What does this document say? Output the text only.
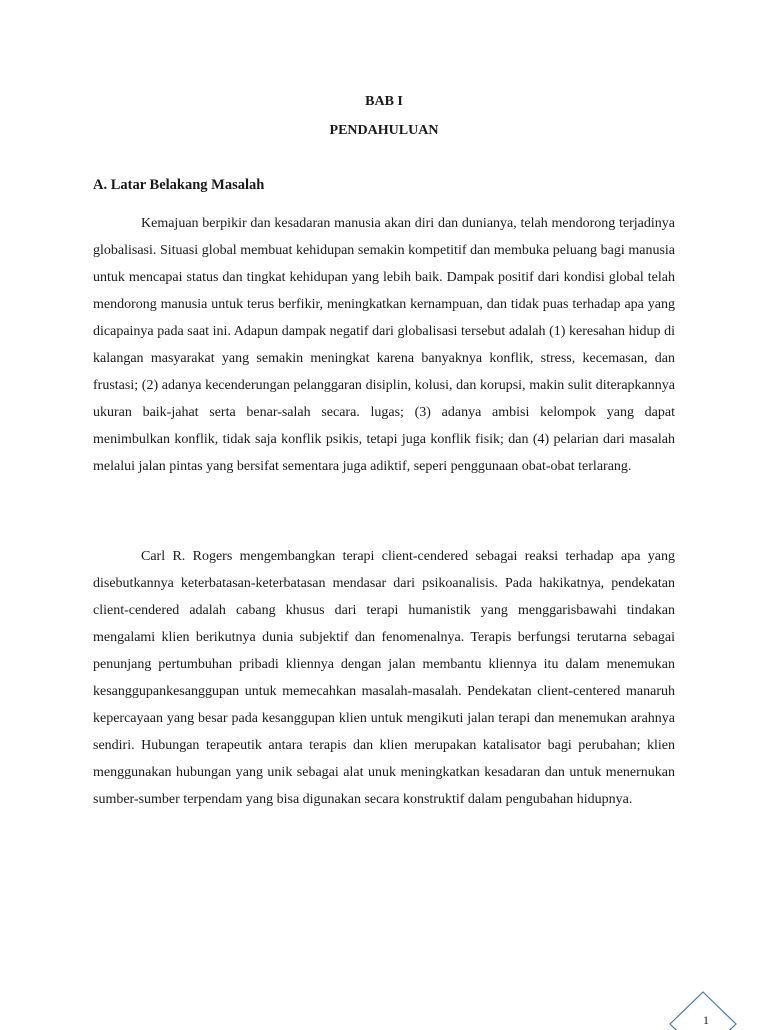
BAB I
PENDAHULUAN
A. Latar Belakang Masalah

Kemajuan berpikir dan kesadaran manusia akan diri dan dunianya, telah mendorong terjadinya globalisasi. Situasi global membuat kehidupan semakin kompetitif dan membuka peluang bagi manusia untuk mencapai status dan tingkat kehidupan yang lebih baik. Dampak positif dari kondisi global telah mendorong manusia untuk terus berfikir, meningkatkan kernampuan, dan tidak puas terhadap apa yang dicapainya pada saat ini. Adapun dampak negatif dari globalisasi tersebut adalah (1) keresahan hidup di kalangan masyarakat yang semakin meningkat karena banyaknya konflik, stress, kecemasan, dan frustasi; (2) adanya kecenderungan pelanggaran disiplin, kolusi, dan korupsi, makin sulit diterapkannya ukuran baik-jahat serta benar-salah secara. lugas; (3) adanya ambisi kelompok yang dapat menimbulkan konflik, tidak saja konflik psikis, tetapi juga konflik fisik; dan (4) pelarian dari masalah melalui jalan pintas yang bersifat sementara juga adiktif, seperi penggunaan obat-obat terlarang.

Carl R. Rogers mengembangkan terapi client-cendered sebagai reaksi terhadap apa yang disebutkannya keterbatasan-keterbatasan mendasar dari psikoanalisis. Pada hakikatnya, pendekatan client-cendered adalah cabang khusus dari terapi humanistik yang menggarisbawahi tindakan mengalami klien berikutnya dunia subjektif dan fenomenalnya. Terapis berfungsi terutarna sebagai penunjang pertumbuhan pribadi kliennya dengan jalan membantu kliennya itu dalam menemukan kesanggupankesanggupan untuk memecahkan masalah-masalah. Pendekatan client-centered manaruh kepercayaan yang besar pada kesanggupan klien untuk mengikuti jalan terapi dan menemukan arahnya sendiri. Hubungan terapeutik antara terapis dan klien merupakan katalisator bagi perubahan; klien menggunakan hubungan yang unik sebagai alat unuk meningkatkan kesadaran dan untuk menernukan sumber-sumber terpendam yang bisa digunakan secara konstruktif dalam pengubahan hidupnya.

1
